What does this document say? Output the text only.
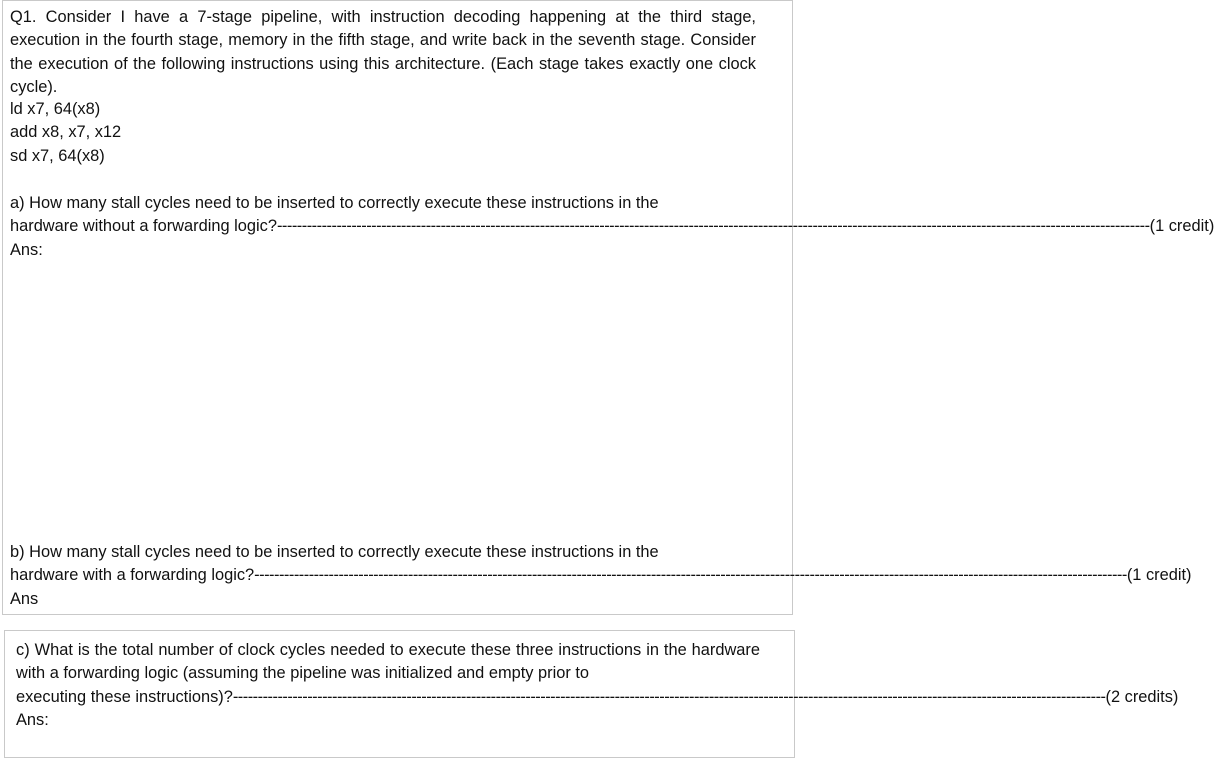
Q1. Consider I have a 7-stage pipeline, with instruction decoding happening at the third stage, execution in the fourth stage, memory in the fifth stage, and write back in the seventh stage. Consider the execution of the following instructions using this architecture. (Each stage takes exactly one clock cycle).
ld x7, 64(x8)
add x8, x7, x12
sd x7, 64(x8)
a) How many stall cycles need to be inserted to correctly execute these instructions in the
hardware without a forwarding logic? -------------------------------------------------------------------------------------------------------------------------------------------------------------------------------- (1 credit)
Ans:
b) How many stall cycles need to be inserted to correctly execute these instructions in the
hardware with a forwarding logic? -------------------------------------------------------------------------------------------------------------------------------------------------------------------------------- (1 credit)
Ans
c) What is the total number of clock cycles needed to execute these three instructions in the hardware with a forwarding logic (assuming the pipeline was initialized and empty prior to
executing these instructions)? -------------------------------------------------------------------------------------------------------------------------------------------------------------------------------- (2 credits)
Ans:
